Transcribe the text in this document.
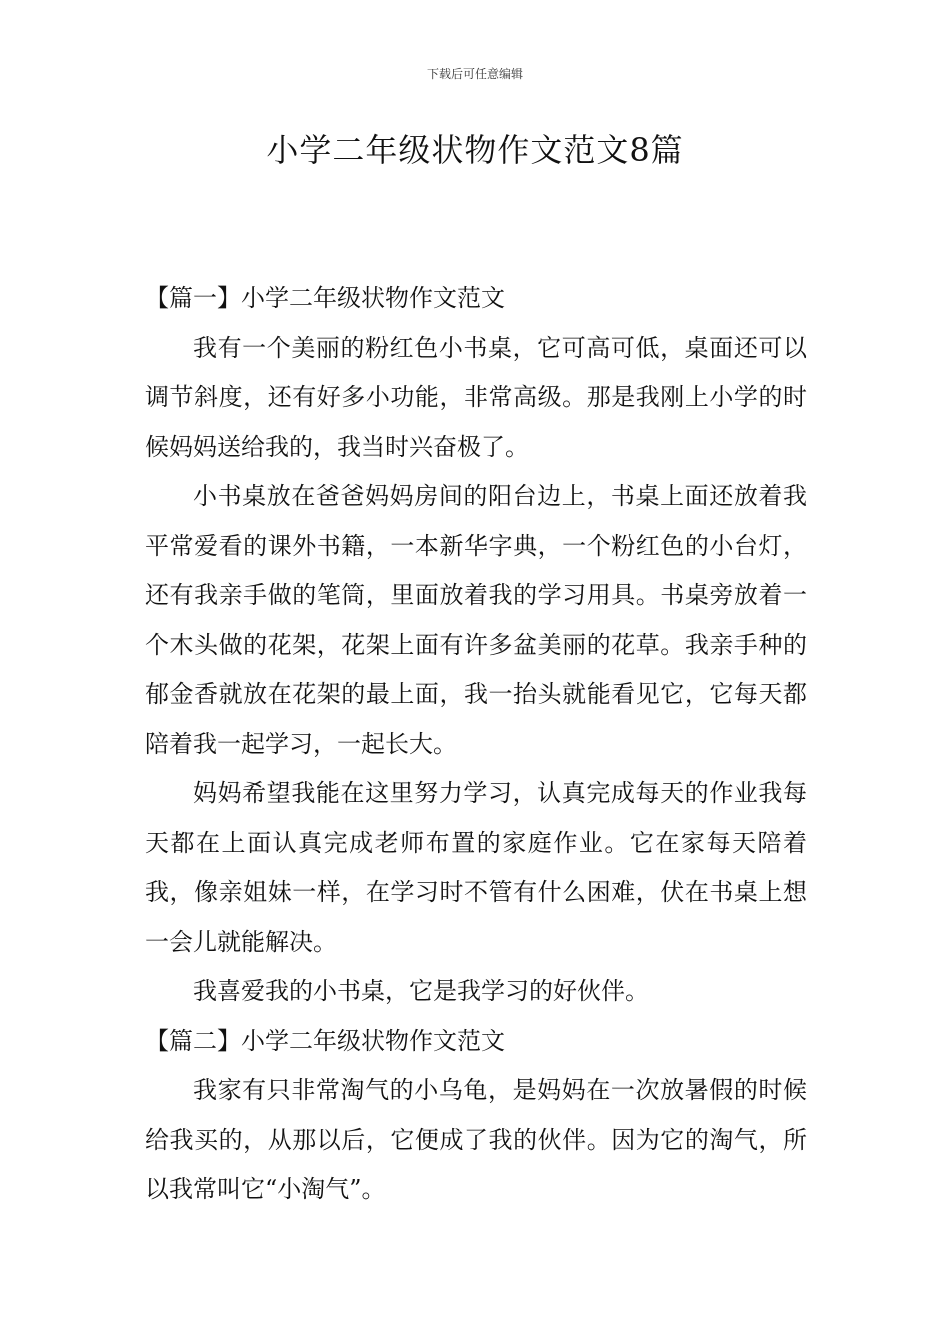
下载后可任意编辑
小学二年级状物作文范文8篇

【篇一】小学二年级状物作文范文

我有一个美丽的粉红色小书桌，它可高可低，桌面还可以调节斜度，还有好多小功能，非常高级。那是我刚上小学的时候妈妈送给我的，我当时兴奋极了。

小书桌放在爸爸妈妈房间的阳台边上，书桌上面还放着我平常爱看的课外书籍，一本新华字典，一个粉红色的小台灯，还有我亲手做的笔筒，里面放着我的学习用具。书桌旁放着一个木头做的花架，花架上面有许多盆美丽的花草。我亲手种的郁金香就放在花架的最上面，我一抬头就能看见它，它每天都陪着我一起学习，一起长大。

妈妈希望我能在这里努力学习，认真完成每天的作业我每天都在上面认真完成老师布置的家庭作业。它在家每天陪着我，像亲姐妹一样，在学习时不管有什么困难，伏在书桌上想一会儿就能解决。

我喜爱我的小书桌，它是我学习的好伙伴。

【篇二】小学二年级状物作文范文

我家有只非常淘气的小乌龟，是妈妈在一次放暑假的时候给我买的，从那以后，它便成了我的伙伴。因为它的淘气，所以我常叫它“小淘气”。
